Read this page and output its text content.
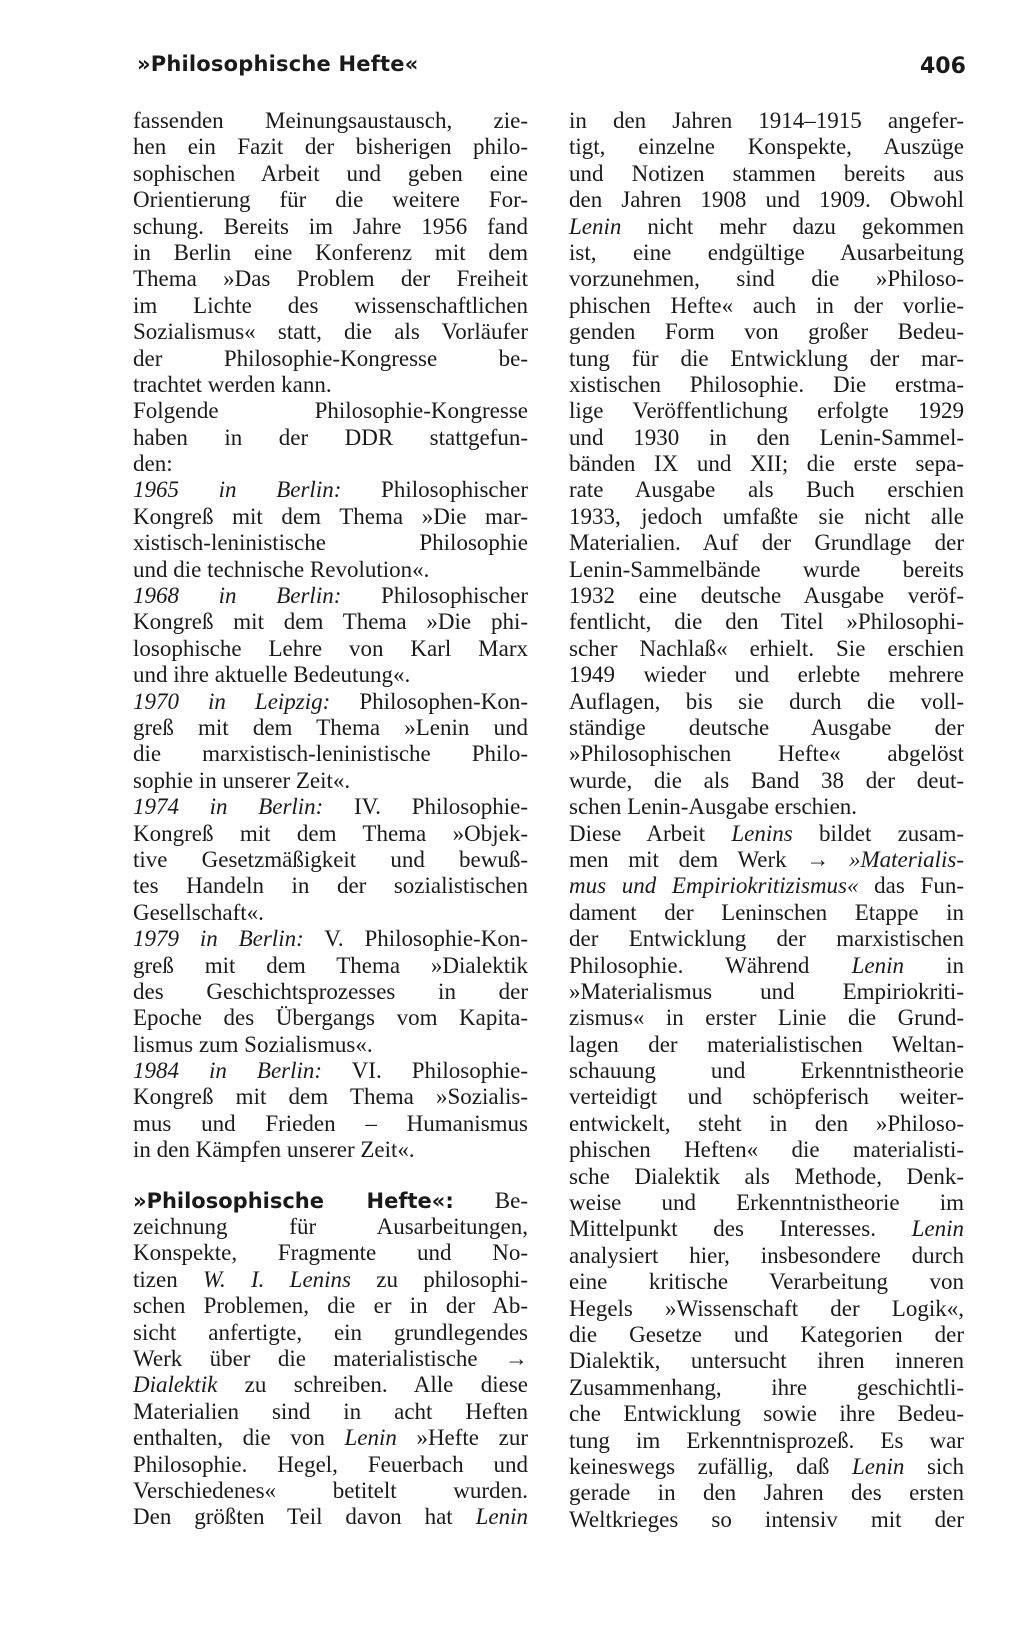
»Philosophische Hefte«	406
fassenden Meinungsaustausch, zie-
hen ein Fazit der bisherigen philo-
sophischen Arbeit und geben eine
Orientierung für die weitere For-
schung. Bereits im Jahre 1956 fand
in Berlin eine Konferenz mit dem
Thema »Das Problem der Freiheit
im Lichte des wissenschaftlichen
Sozialismus« statt, die als Vorläufer
der Philosophie-Kongresse be-
trachtet werden kann.
Folgende Philosophie-Kongresse
haben in der DDR stattgefun-
den:
1965 in Berlin: Philosophischer
Kongreß mit dem Thema »Die mar-
xistisch-leninistische Philosophie
und die technische Revolution«.
1968 in Berlin: Philosophischer
Kongreß mit dem Thema »Die phi-
losophische Lehre von Karl Marx
und ihre aktuelle Bedeutung«.
1970 in Leipzig: Philosophen-Kon-
greß mit dem Thema »Lenin und
die marxistisch-leninistische Philo-
sophie in unserer Zeit«.
1974 in Berlin: IV. Philosophie-
Kongreß mit dem Thema »Objek-
tive Gesetzmäßigkeit und bewuß-
tes Handeln in der sozialistischen
Gesellschaft«.
1979 in Berlin: V. Philosophie-Kon-
greß mit dem Thema »Dialektik
des Geschichtsprozesses in der
Epoche des Übergangs vom Kapita-
lismus zum Sozialismus«.
1984 in Berlin: VI. Philosophie-
Kongreß mit dem Thema »Sozialis-
mus und Frieden – Humanismus
in den Kämpfen unserer Zeit«.
»Philosophische Hefte«: Be-
zeichnung für Ausarbeitungen,
Konspekte, Fragmente und No-
tizen W. I. Lenins zu philosophi-
schen Problemen, die er in der Ab-
sicht anfertigte, ein grundlegendes
Werk über die materialistische →
Dialektik zu schreiben. Alle diese
Materialien sind in acht Heften
enthalten, die von Lenin »Hefte zur
Philosophie. Hegel, Feuerbach und
Verschiedenes« betitelt wurden.
Den größten Teil davon hat Lenin
in den Jahren 1914–1915 angefer-
tigt, einzelne Konspekte, Auszüge
und Notizen stammen bereits aus
den Jahren 1908 und 1909. Obwohl
Lenin nicht mehr dazu gekommen
ist, eine endgültige Ausarbeitung
vorzunehmen, sind die »Philoso-
phischen Hefte« auch in der vorlie-
genden Form von großer Bedeu-
tung für die Entwicklung der mar-
xistischen Philosophie. Die erstma-
lige Veröffentlichung erfolgte 1929
und 1930 in den Lenin-Sammel-
bänden IX und XII; die erste sepa-
rate Ausgabe als Buch erschien
1933, jedoch umfaßte sie nicht alle
Materialien. Auf der Grundlage der
Lenin-Sammelbände wurde bereits
1932 eine deutsche Ausgabe veröf-
fentlicht, die den Titel »Philosophi-
scher Nachlaß« erhielt. Sie erschien
1949 wieder und erlebte mehrere
Auflagen, bis sie durch die voll-
ständige deutsche Ausgabe der
»Philosophischen Hefte« abgelöst
wurde, die als Band 38 der deut-
schen Lenin-Ausgabe erschien.
Diese Arbeit Lenins bildet zusam-
men mit dem Werk → »Materialis-
mus und Empiriokritizismus« das Fun-
dament der Leninschen Etappe in
der Entwicklung der marxistischen
Philosophie. Während Lenin in
»Materialismus und Empiriokriti-
zismus« in erster Linie die Grund-
lagen der materialistischen Weltan-
schauung und Erkenntnistheorie
verteidigt und schöpferisch weiter-
entwickelt, steht in den »Philoso-
phischen Heften« die materialisti-
sche Dialektik als Methode, Denk-
weise und Erkenntnistheorie im
Mittelpunkt des Interesses. Lenin
analysiert hier, insbesondere durch
eine kritische Verarbeitung von
Hegels »Wissenschaft der Logik«,
die Gesetze und Kategorien der
Dialektik, untersucht ihren inneren
Zusammenhang, ihre geschichtli-
che Entwicklung sowie ihre Bedeu-
tung im Erkenntnisprozeß. Es war
keineswegs zufällig, daß Lenin sich
gerade in den Jahren des ersten
Weltkrieges so intensiv mit der
